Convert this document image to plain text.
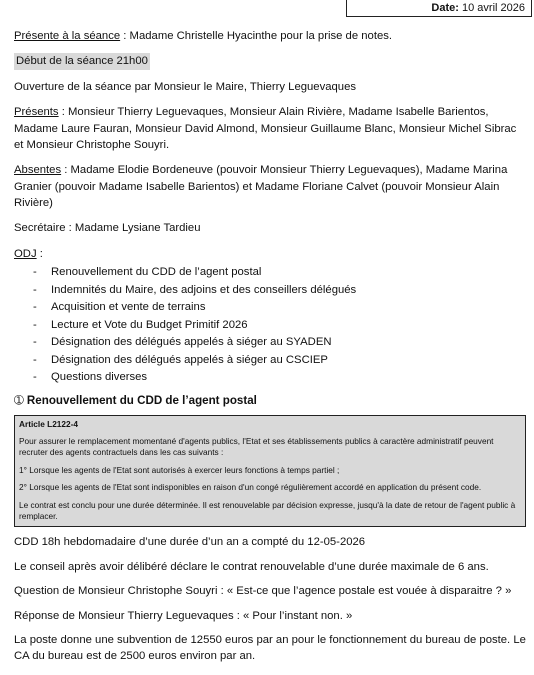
Date: 10 avril 2026

Présente à la séance : Madame Christelle Hyacinthe pour la prise de notes.

Début de la séance 21h00

Ouverture de la séance par Monsieur le Maire, Thierry Leguevaques

Présents : Monsieur Thierry Leguevaques, Monsieur Alain Rivière, Madame Isabelle Barientos, Madame Laure Fauran, Monsieur David Almond, Monsieur Guillaume Blanc, Monsieur Michel Sibrac et Monsieur Christophe Souyri.

Absentes : Madame Elodie Bordeneuve (pouvoir Monsieur Thierry Leguevaques), Madame Marina Granier (pouvoir Madame Isabelle Barientos) et Madame Floriane Calvet (pouvoir Monsieur Alain Rivière)

Secrétaire : Madame Lysiane Tardieu

ODJ :

- Renouvellement du CDD de l’agent postal
- Indemnités du Maire, des adjoins et des conseillers délégués
- Acquisition et vente de terrains
- Lecture et Vote du Budget Primitif 2026
- Désignation des délégués appelés à siéger au SYADEN
- Désignation des délégués appelés à siéger au CSCIEP
- Questions diverses

➀ Renouvellement du CDD de l’agent postal

Article L2122-4

Pour assurer le remplacement momentané d'agents publics, l'Etat et ses établissements publics à caractère administratif peuvent recruter des agents contractuels dans les cas suivants :

1° Lorsque les agents de l'Etat sont autorisés à exercer leurs fonctions à temps partiel ;

2° Lorsque les agents de l'Etat sont indisponibles en raison d'un congé régulièrement accordé en application du présent code.

Le contrat est conclu pour une durée déterminée. Il est renouvelable par décision expresse, jusqu'à la date de retour de l'agent public à remplacer.

CDD 18h hebdomadaire d’une durée d’un an a compté du 12-05-2026

Le conseil après avoir délibéré déclare le contrat renouvelable d’une durée maximale de 6 ans.

Question de Monsieur Christophe Souyri : « Est-ce que l’agence postale est vouée à disparaitre ? »

Réponse de Monsieur Thierry Leguevaques : « Pour l’instant non. »

La poste donne une subvention de 12550 euros par an pour le fonctionnement du bureau de poste. Le CA du bureau est de 2500 euros environ par an.
